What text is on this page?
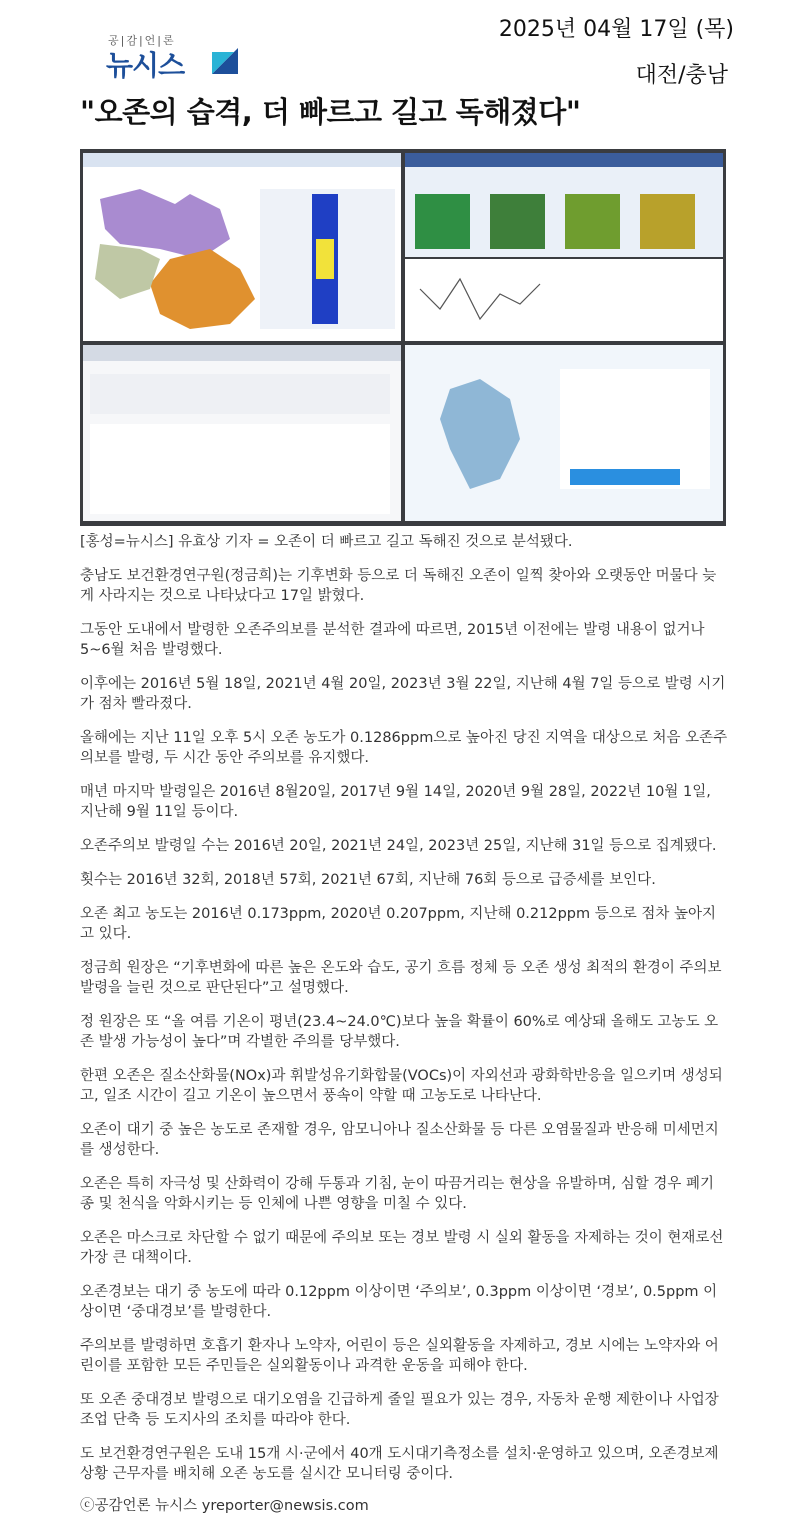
공|감|언|론
뉴시스
2025년 04월 17일 (목)
대전/충남
"오존의 습격, 더 빠르고 길고 독해졌다"

[홍성=뉴시스] 유효상 기자 = 오존이 더 빠르고 길고 독해진 것으로 분석됐다.

충남도 보건환경연구원(정금희)는 기후변화 등으로 더 독해진 오존이 일찍 찾아와 오랫동안 머물다 늦게 사라지는 것으로 나타났다고 17일 밝혔다.

그동안 도내에서 발령한 오존주의보를 분석한 결과에 따르면, 2015년 이전에는 발령 내용이 없거나 5~6월 처음 발령했다.

이후에는 2016년 5월 18일, 2021년 4월 20일, 2023년 3월 22일, 지난해 4월 7일 등으로 발령 시기가 점차 빨라졌다.

올해에는 지난 11일 오후 5시 오존 농도가 0.1286ppm으로 높아진 당진 지역을 대상으로 처음 오존주의보를 발령, 두 시간 동안 주의보를 유지했다.

매년 마지막 발령일은 2016년 8월20일, 2017년 9월 14일, 2020년 9월 28일, 2022년 10월 1일, 지난해 9월 11일 등이다.

오존주의보 발령일 수는 2016년 20일, 2021년 24일, 2023년 25일, 지난해 31일 등으로 집계됐다.

횟수는 2016년 32회, 2018년 57회, 2021년 67회, 지난해 76회 등으로 급증세를 보인다.

오존 최고 농도는 2016년 0.173ppm, 2020년 0.207ppm, 지난해 0.212ppm 등으로 점차 높아지고 있다.

정금희 원장은 “기후변화에 따른 높은 온도와 습도, 공기 흐름 정체 등 오존 생성 최적의 환경이 주의보 발령을 늘린 것으로 판단된다”고 설명했다.

정 원장은 또 “올 여름 기온이 평년(23.4~24.0℃)보다 높을 확률이 60%로 예상돼 올해도 고농도 오존 발생 가능성이 높다”며 각별한 주의를 당부했다.

한편 오존은 질소산화물(NOx)과 휘발성유기화합물(VOCs)이 자외선과 광화학반응을 일으키며 생성되고, 일조 시간이 길고 기온이 높으면서 풍속이 약할 때 고농도로 나타난다.

오존이 대기 중 높은 농도로 존재할 경우, 암모니아나 질소산화물 등 다른 오염물질과 반응해 미세먼지를 생성한다.

오존은 특히 자극성 및 산화력이 강해 두통과 기침, 눈이 따끔거리는 현상을 유발하며, 심할 경우 폐기종 및 천식을 악화시키는 등 인체에 나쁜 영향을 미칠 수 있다.

오존은 마스크로 차단할 수 없기 때문에 주의보 또는 경보 발령 시 실외 활동을 자제하는 것이 현재로선 가장 큰 대책이다.

오존경보는 대기 중 농도에 따라 0.12ppm 이상이면 ‘주의보’, 0.3ppm 이상이면 ‘경보’, 0.5ppm 이상이면 ‘중대경보’를 발령한다.

주의보를 발령하면 호흡기 환자나 노약자, 어린이 등은 실외활동을 자제하고, 경보 시에는 노약자와 어린이를 포함한 모든 주민들은 실외활동이나 과격한 운동을 피해야 한다.

또 오존 중대경보 발령으로 대기오염을 긴급하게 줄일 필요가 있는 경우, 자동차 운행 제한이나 사업장 조업 단축 등 도지사의 조치를 따라야 한다.

도 보건환경연구원은 도내 15개 시·군에서 40개 도시대기측정소를 설치·운영하고 있으며, 오존경보제 상황 근무자를 배치해 오존 농도를 실시간 모니터링 중이다.

ⓒ공감언론 뉴시스 yreporter@newsis.com
